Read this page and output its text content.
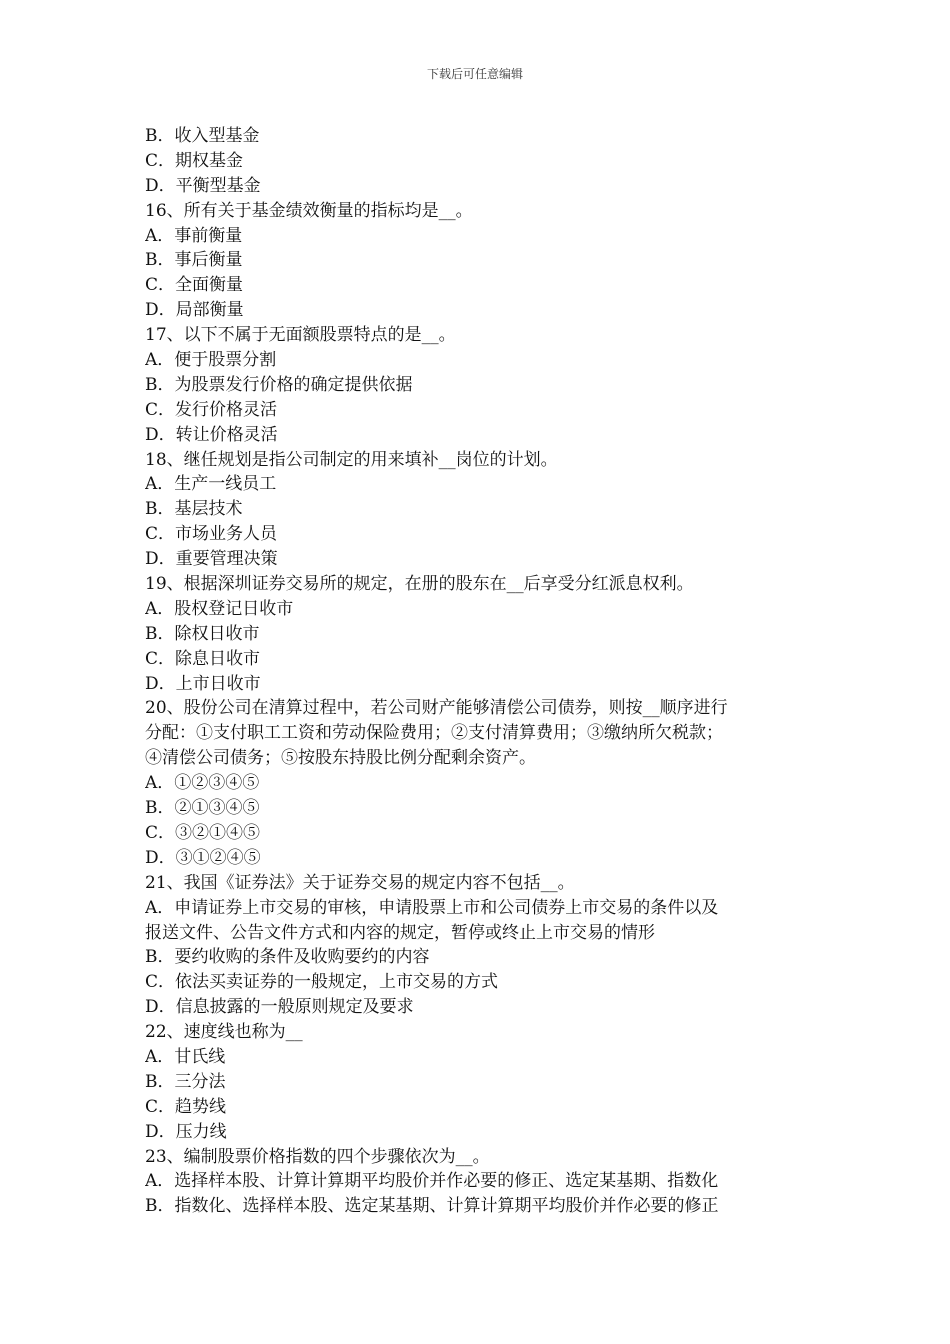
下载后可任意编辑
B．收入型基金
C．期权基金
D．平衡型基金
16、所有关于基金绩效衡量的指标均是__。
A．事前衡量
B．事后衡量
C．全面衡量
D．局部衡量
17、以下不属于无面额股票特点的是__。
A．便于股票分割
B．为股票发行价格的确定提供依据
C．发行价格灵活
D．转让价格灵活
18、继任规划是指公司制定的用来填补__岗位的计划。
A．生产一线员工
B．基层技术
C．市场业务人员
D．重要管理决策
19、根据深圳证券交易所的规定，在册的股东在__后享受分红派息权利。
A．股权登记日收市
B．除权日收市
C．除息日收市
D．上市日收市
20、股份公司在清算过程中，若公司财产能够清偿公司债券，则按__顺序进行
分配：①支付职工工资和劳动保险费用；②支付清算费用；③缴纳所欠税款；
④清偿公司债务；⑤按股东持股比例分配剩余资产。
A．①②③④⑤
B．②①③④⑤
C．③②①④⑤
D．③①②④⑤
21、我国《证券法》关于证券交易的规定内容不包括__。
A．申请证券上市交易的审核，申请股票上市和公司债券上市交易的条件以及
报送文件、公告文件方式和内容的规定，暂停或终止上市交易的情形
B．要约收购的条件及收购要约的内容
C．依法买卖证券的一般规定，上市交易的方式
D．信息披露的一般原则规定及要求
22、速度线也称为__
A．甘氏线
B．三分法
C．趋势线
D．压力线
23、编制股票价格指数的四个步骤依次为__。
A．选择样本股、计算计算期平均股价并作必要的修正、选定某基期、指数化
B．指数化、选择样本股、选定某基期、计算计算期平均股价并作必要的修正
